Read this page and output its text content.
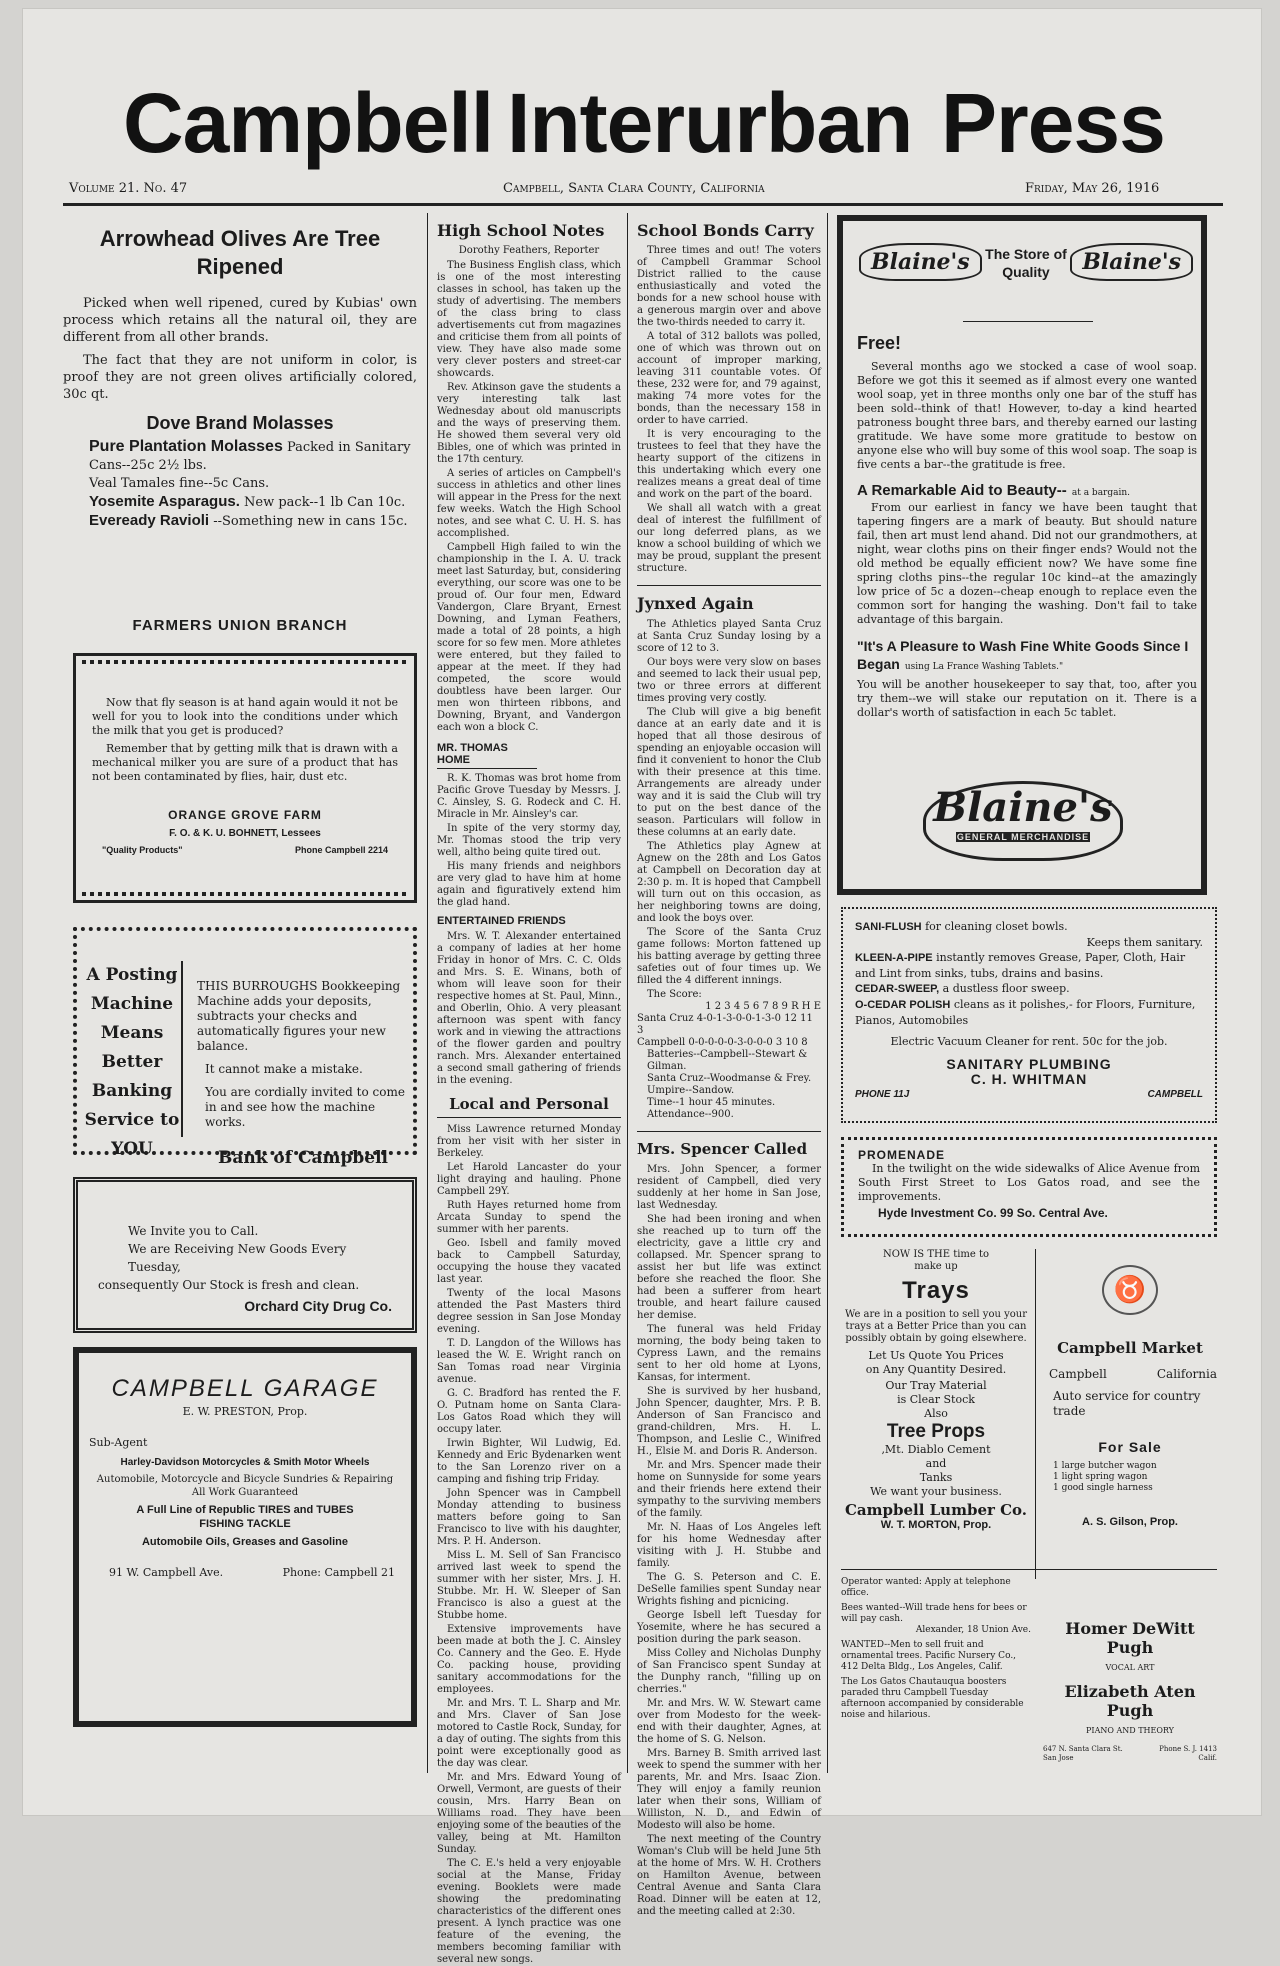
Campbell Interurban Press
Volume 21. No. 47	Campbell, Santa Clara County, California	Friday, May 26, 1916
Arrowhead Olives Are Tree Ripened

Picked when well ripened, cured by Kubias' own process which retains all the natural oil, they are different from all other brands.

The fact that they are not uniform in color, is proof they are not green olives artificially colored, 30c qt.

Dove Brand Molasses
Pure Plantation Molasses Packed in Sanitary Cans--25c 2½ lbs.
Veal Tamales fine--5c Cans.
Yosemite Asparagus. New pack--1 lb Can 10c.
Eveready Ravioli --Something new in cans 15c.
FARMERS UNION BRANCH

Now that fly season is at hand again would it not be well for you to look into the conditions under which the milk that you get is produced?

Remember that by getting milk that is drawn with a mechanical milker you are sure of a product that has not been contaminated by flies, hair, dust etc.

ORANGE GROVE FARM
F. O. & K. U. BOHNETT, Lessees
"Quality Products"	Phone Campbell 2214
A Posting
Machine
Means Better
Banking
Service to
YOU

THIS BURROUGHS Bookkeeping Machine adds your deposits, subtracts your checks and automatically figures your new balance.

It cannot make a mistake.

You are cordially invited to come in and see how the machine works.

Bank of Campbell
We Invite you to Call.
We are Receiving New Goods Every Tuesday,
consequently Our Stock is fresh and clean.
Orchard City Drug Co.
CAMPBELL GARAGE
E. W. PRESTON, Prop.
Sub-Agent
Harley-Davidson Motorcycles & Smith Motor Wheels
Automobile, Motorcycle and Bicycle Sundries & Repairing
All Work Guaranteed
A Full Line of Republic TIRES and TUBES
FISHING TACKLE
Automobile Oils, Greases and Gasoline
91 W. Campbell Ave.	Phone: Campbell 21
High School Notes
Dorothy Feathers, Reporter

The Business English class, which is one of the most interesting classes in school, has taken up the study of advertising. The members of the class bring to class advertisements cut from magazines and criticise them from all points of view. They have also made some very clever posters and street-car showcards.

Rev. Atkinson gave the students a very interesting talk last Wednesday about old manuscripts and the ways of preserving them. He showed them several very old Bibles, one of which was printed in the 17th century.

A series of articles on Campbell's success in athletics and other lines will appear in the Press for the next few weeks. Watch the High School notes, and see what C. U. H. S. has accomplished.

Campbell High failed to win the championship in the I. A. U. track meet last Saturday, but, considering everything, our score was one to be proud of. Our four men, Edward Vandergon, Clare Bryant, Ernest Downing, and Lyman Feathers, made a total of 28 points, a high score for so few men. More athletes were entered, but they failed to appear at the meet. If they had competed, the score would doubtless have been larger. Our men won thirteen ribbons, and Downing, Bryant, and Vandergon each won a block C.

MR. THOMAS HOME

R. K. Thomas was brot home from Pacific Grove Tuesday by Messrs. J. C. Ainsley, S. G. Rodeck and C. H. Miracle in Mr. Ainsley's car.

In spite of the very stormy day, Mr. Thomas stood the trip very well, altho being quite tired out.

His many friends and neighbors are very glad to have him at home again and figuratively extend him the glad hand.

ENTERTAINED FRIENDS

Mrs. W. T. Alexander entertained a company of ladies at her home Friday in honor of Mrs. C. C. Olds and Mrs. S. E. Winans, both of whom will leave soon for their respective homes at St. Paul, Minn., and Oberlin, Ohio. A very pleasant afternoon was spent with fancy work and in viewing the attractions of the flower garden and poultry ranch. Mrs. Alexander entertained a second small gathering of friends in the evening.

Local and Personal

Miss Lawrence returned Monday from her visit with her sister in Berkeley.

Let Harold Lancaster do your light draying and hauling. Phone Campbell 29Y.

Ruth Hayes returned home from Arcata Sunday to spend the summer with her parents.

Geo. Isbell and family moved back to Campbell Saturday, occupying the house they vacated last year.

Twenty of the local Masons attended the Past Masters third degree session in San Jose Monday evening.

T. D. Langdon of the Willows has leased the W. E. Wright ranch on San Tomas road near Virginia avenue.

G. C. Bradford has rented the F. O. Putnam home on Santa Clara-Los Gatos Road which they will occupy later.

Irwin Bighter, Wil Ludwig, Ed. Kennedy and Eric Bydenarken went to the San Lorenzo river on a camping and fishing trip Friday.

John Spencer was in Campbell Monday attending to business matters before going to San Francisco to live with his daughter, Mrs. P. H. Anderson.

Miss L. M. Sell of San Francisco arrived last week to spend the summer with her sister, Mrs. J. H. Stubbe. Mr. H. W. Sleeper of San Francisco is also a guest at the Stubbe home.

Extensive improvements have been made at both the J. C. Ainsley Co. Cannery and the Geo. E. Hyde Co. packing house, providing sanitary accommodations for the employees.

Mr. and Mrs. T. L. Sharp and Mr. and Mrs. Claver of San Jose motored to Castle Rock, Sunday, for a day of outing. The sights from this point were exceptionally good as the day was clear.

Mr. and Mrs. Edward Young of Orwell, Vermont, are guests of their cousin, Mrs. Harry Bean on Williams road. They have been enjoying some of the beauties of the valley, being at Mt. Hamilton Sunday.

The C. E.'s held a very enjoyable social at the Manse, Friday evening. Booklets were made showing the predominating characteristics of the different ones present. A lynch practice was one feature of the evening, the members becoming familiar with several new songs.

School Bonds Carry

Three times and out! The voters of Campbell Grammar School District rallied to the cause enthusiastically and voted the bonds for a new school house with a generous margin over and above the two-thirds needed to carry it.

A total of 312 ballots was polled, one of which was thrown out on account of improper marking, leaving 311 countable votes. Of these, 232 were for, and 79 against, making 74 more votes for the bonds, than the necessary 158 in order to have carried.

It is very encouraging to the trustees to feel that they have the hearty support of the citizens in this undertaking which every one realizes means a great deal of time and work on the part of the board.

We shall all watch with a great deal of interest the fulfillment of our long deferred plans, as we know a school building of which we may be proud, supplant the present structure.

Jynxed Again

The Athletics played Santa Cruz at Santa Cruz Sunday losing by a score of 12 to 3.

Our boys were very slow on bases and seemed to lack their usual pep, two or three errors at different times proving very costly.

The Club will give a big benefit dance at an early date and it is hoped that all those desirous of spending an enjoyable occasion will find it convenient to honor the Club with their presence at this time. Arrangements are already under way and it is said the Club will try to put on the best dance of the season. Particulars will follow in these columns at an early date.

The Athletics play Agnew at Agnew on the 28th and Los Gatos at Campbell on Decoration day at 2:30 p. m. It is hoped that Campbell will turn out on this occasion, as her neighboring towns are doing, and look the boys over.

The Score of the Santa Cruz game follows: Morton fattened up his batting average by getting three safeties out of four times up. We filled the 4 different innings.

The Score:
1 2 3 4 5 6 7 8 9 R H E
Santa Cruz 4-0-1-3-0-0-1-3-0 12 11 3
Campbell 0-0-0-0-0-3-0-0-0 3 10 8
Batteries--Campbell--Stewart & Gilman.
Santa Cruz--Woodmanse & Frey.
Umpire--Sandow.
Time--1 hour 45 minutes.
Attendance--900.
Mrs. Spencer Called

Mrs. John Spencer, a former resident of Campbell, died very suddenly at her home in San Jose, last Wednesday.

She had been ironing and when she reached up to turn off the electricity, gave a little cry and collapsed. Mr. Spencer sprang to assist her but life was extinct before she reached the floor. She had been a sufferer from heart trouble, and heart failure caused her demise.

The funeral was held Friday morning, the body being taken to Cypress Lawn, and the remains sent to her old home at Lyons, Kansas, for interment.

She is survived by her husband, John Spencer, daughter, Mrs. P. B. Anderson of San Francisco and grand-children, Mrs. H. L. Thompson, and Leslie C., Winifred H., Elsie M. and Doris R. Anderson.

Mr. and Mrs. Spencer made their home on Sunnyside for some years and their friends here extend their sympathy to the surviving members of the family.

Mr. N. Haas of Los Angeles left for his home Wednesday after visiting with J. H. Stubbe and family.

The G. S. Peterson and C. E. DeSelle families spent Sunday near Wrights fishing and picnicing.

George Isbell left Tuesday for Yosemite, where he has secured a position during the park season.

Miss Colley and Nicholas Dunphy of San Francisco spent Sunday at the Dunphy ranch, "filling up on cherries."

Mr. and Mrs. W. W. Stewart came over from Modesto for the week-end with their daughter, Agnes, at the home of S. G. Nelson.

Mrs. Barney B. Smith arrived last week to spend the summer with her parents, Mr. and Mrs. Isaac Zion. They will enjoy a family reunion later when their sons, William of Williston, N. D., and Edwin of Modesto will also be home.

The next meeting of the Country Woman's Club will be held June 5th at the home of Mrs. W. H. Crothers on Hamilton Avenue, between Central Avenue and Santa Clara Road. Dinner will be eaten at 12, and the meeting called at 2:30.

Blaine's	The Store of Quality	Blaine's
Free!

Several months ago we stocked a case of wool soap. Before we got this it seemed as if almost every one wanted wool soap, yet in three months only one bar of the stuff has been sold--think of that! However, to-day a kind hearted patroness bought three bars, and thereby earned our lasting gratitude. We have some more gratitude to bestow on anyone else who will buy some of this wool soap. The soap is five cents a bar--the gratitude is free.

A Remarkable Aid to Beauty-- at a bargain.

From our earliest in fancy we have been taught that tapering fingers are a mark of beauty. But should nature fail, then art must lend ahand. Did not our grandmothers, at night, wear cloths pins on their finger ends? Would not the old method be equally efficient now? We have some fine spring cloths pins--the regular 10c kind--at the amazingly low price of 5c a dozen--cheap enough to replace even the common sort for hanging the washing. Don't fail to take advantage of this bargain.

"It's A Pleasure to Wash Fine White Goods Since I Began using La France Washing Tablets."

You will be another housekeeper to say that, too, after you try them--we will stake our reputation on it. There is a dollar's worth of satisfaction in each 5c tablet.

Blaine's
GENERAL MERCHANDISE
SANI-FLUSH for cleaning closet bowls.
Keeps them sanitary.
KLEEN-A-PIPE instantly removes Grease, Paper, Cloth, Hair and Lint from sinks, tubs, drains and basins.
CEDAR-SWEEP, a dustless floor sweep.
O-CEDAR POLISH cleans as it polishes,- for Floors, Furniture, Pianos, Automobiles
Electric Vacuum Cleaner for rent. 50c for the job.
SANITARY PLUMBING
C. H. WHITMAN
PHONE 11J	CAMPBELL
PROMENADE

In the twilight on the wide sidewalks of Alice Avenue from South First Street to Los Gatos road, and see the improvements.

Hyde Investment Co. 99 So. Central Ave.
NOW IS THE time to make up
Trays
We are in a position to sell you your trays at a Better Price than you can possibly obtain by going elsewhere.
Let Us Quote You Prices on Any Quantity Desired.
Our Tray Material is Clear Stock
Also
Tree Props
,Mt. Diablo Cement
and
Tanks
We want your business.
Campbell Lumber Co.
W. T. MORTON, Prop.
♉
Campbell Market
Campbell	California
Auto service for country trade
For Sale
1 large butcher wagon
1 light spring wagon
1 good single harness
A. S. Gilson, Prop.

Operator wanted: Apply at telephone office.

Bees wanted--Will trade hens for bees or will pay cash.

Alexander, 18 Union Ave.

WANTED--Men to sell fruit and ornamental trees. Pacific Nursery Co., 412 Delta Bldg., Los Angeles, Calif.

The Los Gatos Chautauqua boosters paraded thru Campbell Tuesday afternoon accompanied by considerable noise and hilarious.

Homer DeWitt Pugh
VOCAL ART
Elizabeth Aten Pugh
PIANO AND THEORY
647 N. Santa Clara St. San Jose
Phone S. J. 1413 Calif.
